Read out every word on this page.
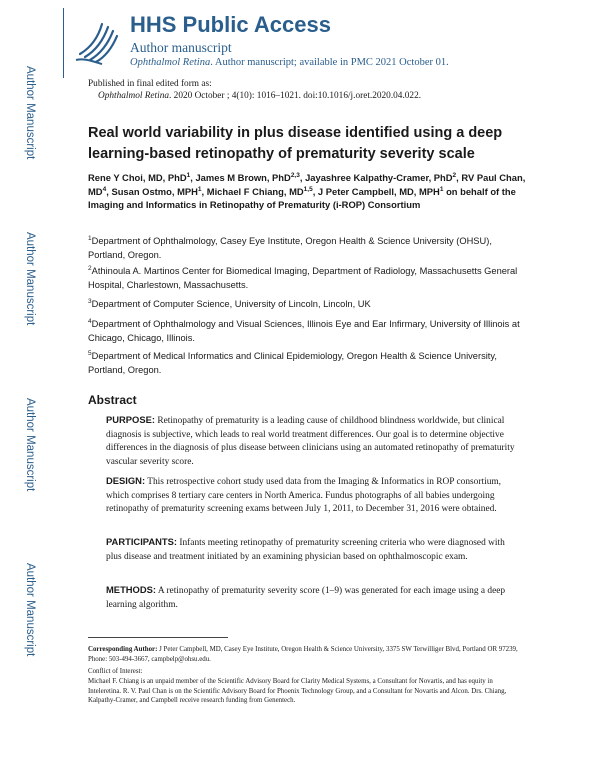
Author Manuscript
Author Manuscript
Author Manuscript
Author Manuscript
HHS Public Access
Author manuscript
Ophthalmol Retina. Author manuscript; available in PMC 2021 October 01.
Published in final edited form as:
Ophthalmol Retina. 2020 October ; 4(10): 1016–1021. doi:10.1016/j.oret.2020.04.022.
Real world variability in plus disease identified using a deep learning-based retinopathy of prematurity severity scale
Rene Y Choi, MD, PhD$^1$, James M Brown, PhD$^{2,3}$, Jayashree Kalpathy-Cramer, PhD$^2$, RV Paul Chan, $MD^4$, Susan Ostmo, MPH$^1$, Michael F Chiang, MD$^{1,5}$, J Peter Campbell, MD, MPH$^1$ on behalf of the Imaging and Informatics in Retinopathy of Prematurity (i-ROP) Consortium
$^1$Department of Ophthalmology, Casey Eye Institute, Oregon Health & Science University (OHSU), Portland, Oregon.
$^2$Athinoula A. Martinos Center for Biomedical Imaging, Department of Radiology, Massachusetts General Hospital, Charlestown, Massachusetts.
$^3$Department of Computer Science, University of Lincoln, Lincoln, UK
$^4$Department of Ophthalmology and Visual Sciences, Illinois Eye and Ear Infirmary, University of Illinois at Chicago, Chicago, Illinois.
$^5$Department of Medical Informatics and Clinical Epidemiology, Oregon Health & Science University, Portland, Oregon.
Abstract
PURPOSE: Retinopathy of prematurity is a leading cause of childhood blindness worldwide, but clinical diagnosis is subjective, which leads to real world treatment differences. Our goal is to determine objective differences in the diagnosis of plus disease between clinicians using an automated retinopathy of prematurity vascular severity score.
DESIGN: This retrospective cohort study used data from the Imaging & Informatics in ROP consortium, which comprises 8 tertiary care centers in North America. Fundus photographs of all babies undergoing retinopathy of prematurity screening exams between July 1, 2011, to December 31, 2016 were obtained.
PARTICIPANTS: Infants meeting retinopathy of prematurity screening criteria who were diagnosed with plus disease and treatment initiated by an examining physician based on ophthalmoscopic exam.
METHODS: A retinopathy of prematurity severity score (1–9) was generated for each image using a deep learning algorithm.
Corresponding Author: J Peter Campbell, MD, Casey Eye Institute, Oregon Health & Science University, 3375 SW Terwilliger Blvd, Portland OR 97239, Phone: 503-494-3667, campbelp@ohsu.edu.
Conflict of Interest:
Michael F. Chiang is an unpaid member of the Scientific Advisory Board for Clarity Medical Systems, a Consultant for Novartis, and has equity in Inteleretina. R. V. Paul Chan is on the Scientific Advisory Board for Phoenix Technology Group, and a Consultant for Novartis and Alcon. Drs. Chiang, Kalpathy-Cramer, and Campbell receive research funding from Genentech.
